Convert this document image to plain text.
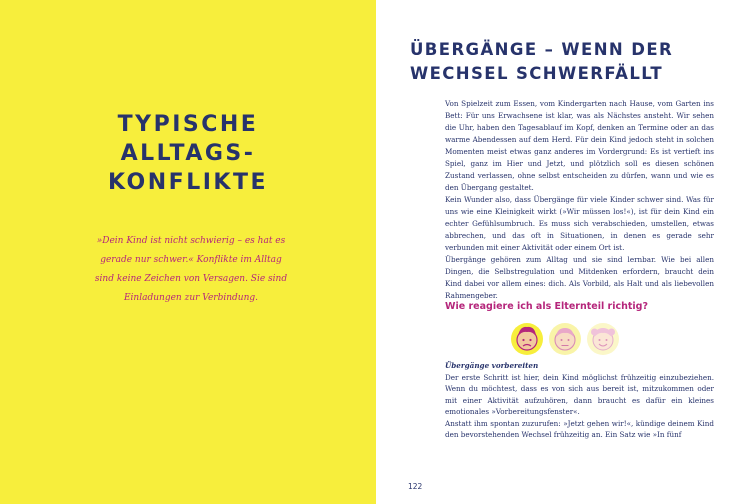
TYPISCHE
ALLTAGS-
KONFLIKTE
»Dein Kind ist nicht schwierig – es hat es gerade nur schwer.« Konflikte im Alltag sind keine Zeichen von Versagen. Sie sind Einladungen zur Verbindung.
ÜBERGÄNGE – WENN DER
WECHSEL SCHWERFÄLLT

Von Spielzeit zum Essen, vom Kindergarten nach Hause, vom Garten ins Bett: Für uns Erwachsene ist klar, was als Nächstes ansteht. Wir sehen die Uhr, haben den Tagesablauf im Kopf, denken an Termine oder an das warme Abendessen auf dem Herd. Für dein Kind jedoch steht in solchen Momenten meist etwas ganz anderes im Vordergrund: Es ist vertieft ins Spiel, ganz im Hier und Jetzt, und plötzlich soll es diesen schönen Zustand verlassen, ohne selbst entscheiden zu dürfen, wann und wie es den Übergang gestaltet.

Kein Wunder also, dass Übergänge für viele Kinder schwer sind. Was für uns wie eine Kleinigkeit wirkt (»Wir müssen los!«), ist für dein Kind ein echter Gefühlsumbruch. Es muss sich verabschieden, umstellen, etwas abbrechen, und das oft in Situationen, in denen es gerade sehr verbunden mit einer Aktivität oder einem Ort ist.

Übergänge gehören zum Alltag und sie sind lernbar. Wie bei allen Dingen, die Selbstregulation und Mitdenken erfordern, braucht dein Kind dabei vor allem eines: dich. Als Vorbild, als Halt und als liebevollen Rahmengeber.

Wie reagiere ich als Elternteil richtig?

Übergänge vorbereiten

Der erste Schritt ist hier, dein Kind möglichst frühzeitig einzubeziehen. Wenn du möchtest, dass es von sich aus bereit ist, mitzukommen oder mit einer Aktivität aufzuhören, dann braucht es dafür ein kleines emotionales »Vorbereitungsfenster«.

Anstatt ihm spontan zuzurufen: »Jetzt gehen wir!«, kündige deinem Kind den bevorstehenden Wechsel frühzeitig an. Ein Satz wie »In fünf

122
